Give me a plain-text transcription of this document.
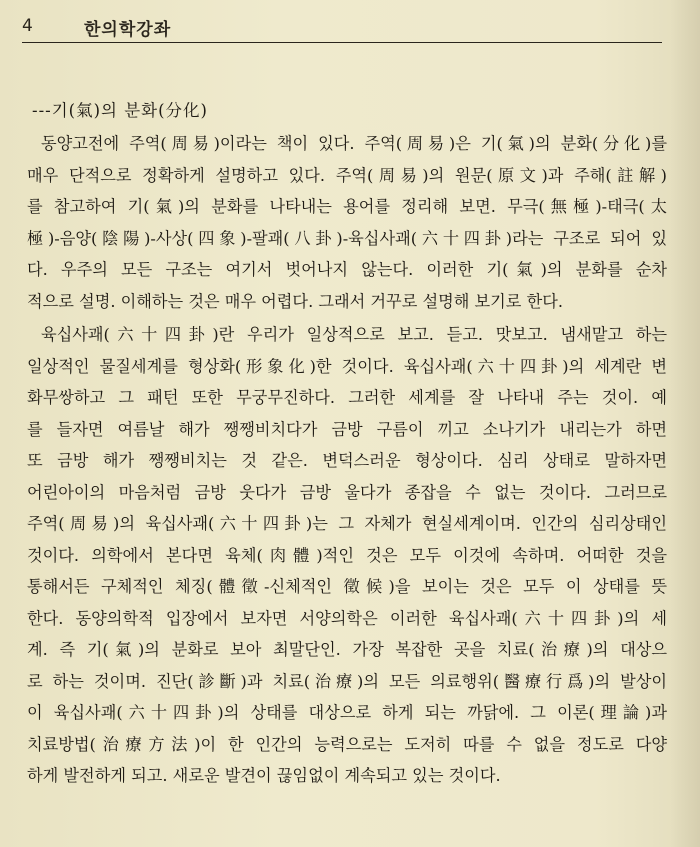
4	한의학강좌
---기(氣)의 분화(分化)
동양고전에 주역(周易)이라는 책이 있다. 주역(周易)은 기(氣)의 분화(分化)를
매우 단적으로 정확하게 설명하고 있다. 주역(周易)의 원문(原文)과 주해(註解)
를 참고하여 기(氣)의 분화를 나타내는 용어를 정리해 보면. 무극(無極)-태극(太
極)-음양(陰陽)-사상(四象)-팔괘(八卦)-육십사괘(六十四卦)라는 구조로 되어 있
다. 우주의 모든 구조는 여기서 벗어나지 않는다. 이러한 기(氣)의 분화를 순차
적으로 설명. 이해하는 것은 매우 어렵다. 그래서 거꾸로 설명해 보기로 한다.
육십사괘(六十四卦)란 우리가 일상적으로 보고. 듣고. 맛보고. 냄새맡고 하는
일상적인 물질세계를 형상화(形象化)한 것이다. 육십사괘(六十四卦)의 세계란 변
화무쌍하고 그 패턴 또한 무궁무진하다. 그러한 세계를 잘 나타내 주는 것이. 예
를 들자면 여름날 해가 쨍쨍비치다가 금방 구름이 끼고 소나기가 내리는가 하면
또 금방 해가 쨍쨍비치는 것 같은. 변덕스러운 형상이다. 심리 상태로 말하자면
어린아이의 마음처럼 금방 웃다가 금방 울다가 종잡을 수 없는 것이다. 그러므로
주역(周易)의 육십사괘(六十四卦)는 그 자체가 현실세계이며. 인간의 심리상태인
것이다. 의학에서 본다면 육체(肉體)적인 것은 모두 이것에 속하며. 어떠한 것을
통해서든 구체적인 체징(體徵-신체적인 徵候)을 보이는 것은 모두 이 상태를 뜻
한다. 동양의학적 입장에서 보자면 서양의학은 이러한 육십사괘(六十四卦)의 세
계. 즉 기(氣)의 분화로 보아 최말단인. 가장 복잡한 곳을 치료(治療)의 대상으
로 하는 것이며. 진단(診斷)과 치료(治療)의 모든 의료행위(醫療行爲)의 발상이
이 육십사괘(六十四卦)의 상태를 대상으로 하게 되는 까닭에. 그 이론(理論)과
치료방법(治療方法)이 한 인간의 능력으로는 도저히 따를 수 없을 정도로 다양
하게 발전하게 되고. 새로운 발견이 끊임없이 계속되고 있는 것이다.
